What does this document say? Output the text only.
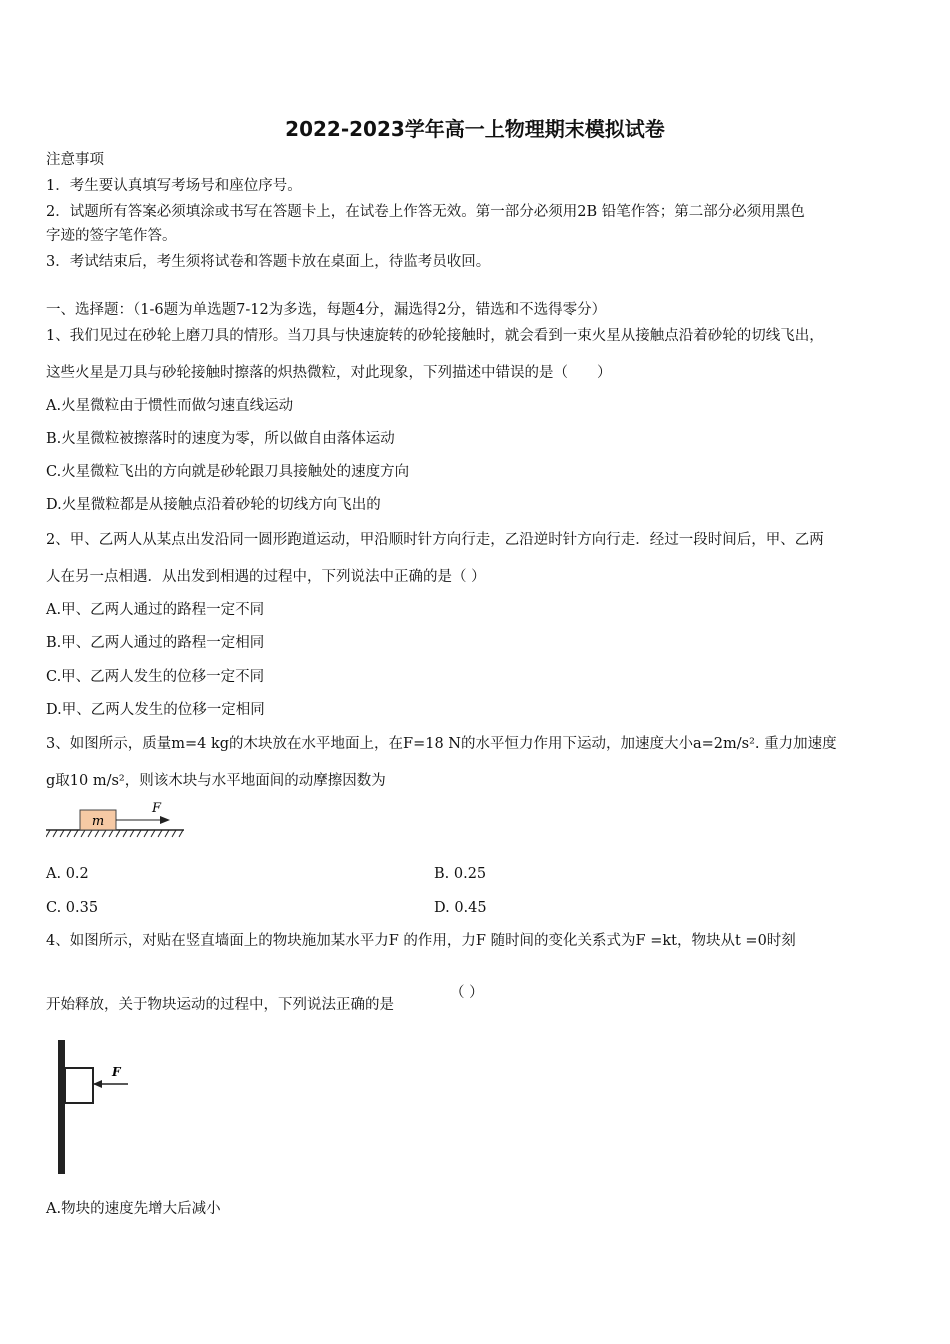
2022-2023学年高一上物理期末模拟试卷
注意事项
1．考生要认真填写考场号和座位序号。
2．试题所有答案必须填涂或书写在答题卡上，在试卷上作答无效。第一部分必须用2B 铅笔作答；第二部分必须用黑色
字迹的签字笔作答。
3．考试结束后，考生须将试卷和答题卡放在桌面上，待监考员收回。
一、选择题：（1-6题为单选题7-12为多选，每题4分，漏选得2分，错选和不选得零分）
1、我们见过在砂轮上磨刀具的情形。当刀具与快速旋转的砂轮接触时，就会看到一束火星从接触点沿着砂轮的切线飞出，
这些火星是刀具与砂轮接触时擦落的炽热微粒，对此现象，下列描述中错误的是（　　）
A.火星微粒由于惯性而做匀速直线运动
B.火星微粒被擦落时的速度为零，所以做自由落体运动
C.火星微粒飞出的方向就是砂轮跟刀具接触处的速度方向
D.火星微粒都是从接触点沿着砂轮的切线方向飞出的
2、甲、乙两人从某点出发沿同一圆形跑道运动，甲沿顺时针方向行走，乙沿逆时针方向行走．经过一段时间后，甲、乙两
人在另一点相遇．从出发到相遇的过程中，下列说法中正确的是（ ）
A.甲、乙两人通过的路程一定不同
B.甲、乙两人通过的路程一定相同
C.甲、乙两人发生的位移一定不同
D.甲、乙两人发生的位移一定相同
3、如图所示，质量m=4 kg的木块放在水平地面上，在F=18 N的水平恒力作用下运动，加速度大小a=2m/s². 重力加速度
g取10 m/s²，则该木块与水平地面间的动摩擦因数为
m
F
A. 0.2	B. 0.25
C. 0.35	D. 0.45
4、如图所示，对贴在竖直墙面上的物块施加某水平力F 的作用，力F 随时间的变化关系式为F =kt，物块从t =0时刻
开始释放，关于物块运动的过程中，下列说法正确的是
（ ）
F
A.物块的速度先增大后减小
